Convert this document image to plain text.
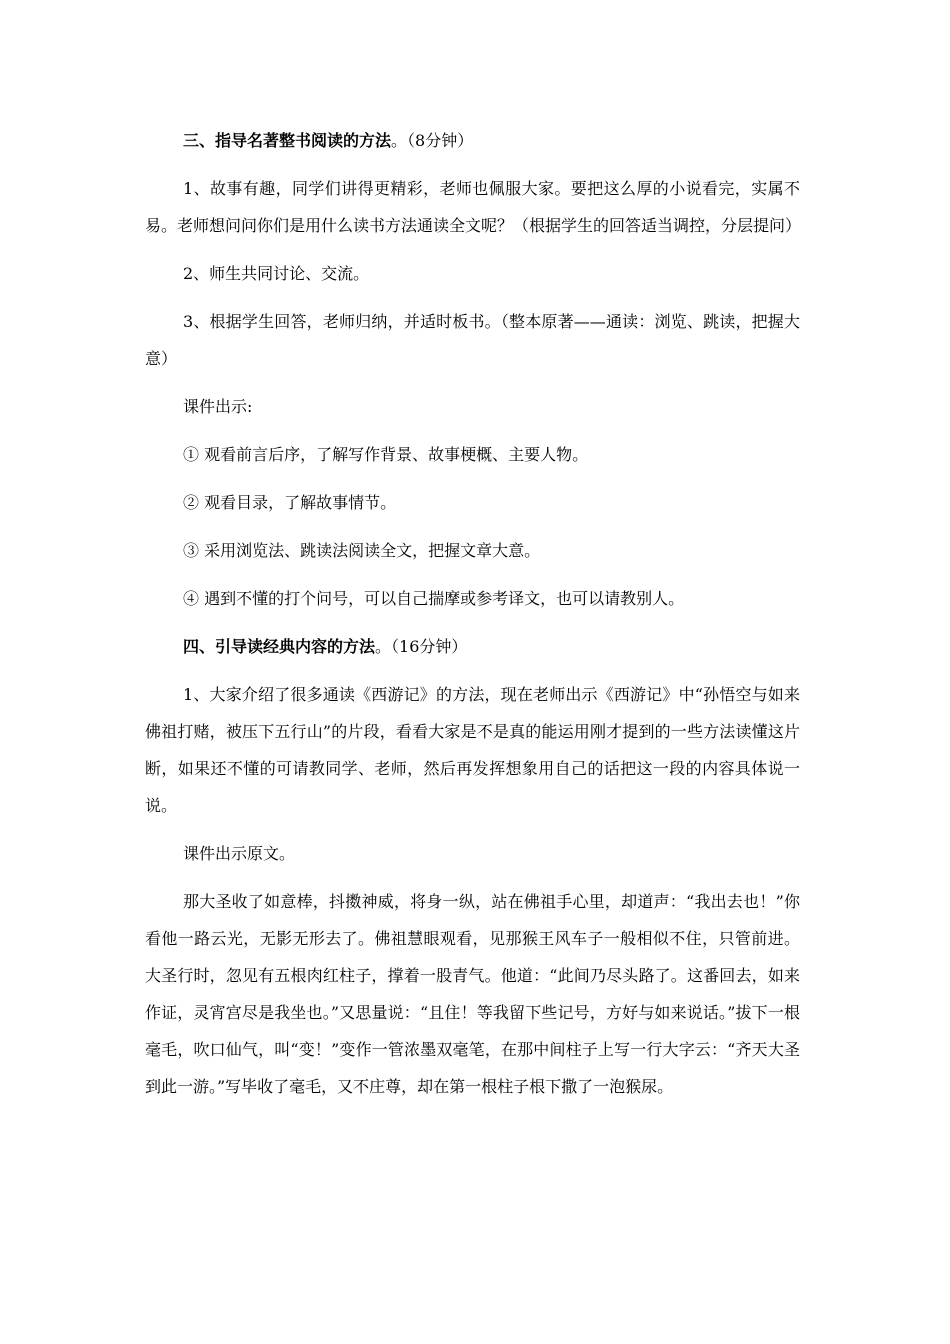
三、指导名著整书阅读的方法。（8分钟）
1、故事有趣，同学们讲得更精彩，老师也佩服大家。要把这么厚的小说看完，实属不易。老师想问问你们是用什么读书方法通读全文呢？（根据学生的回答适当调控，分层提问）
2、师生共同讨论、交流。
3、根据学生回答，老师归纳，并适时板书。（整本原著——通读：浏览、跳读，把握大意）
课件出示:
① 观看前言后序，了解写作背景、故事梗概、主要人物。
② 观看目录，了解故事情节。
③ 采用浏览法、跳读法阅读全文，把握文章大意。
④ 遇到不懂的打个问号，可以自己揣摩或参考译文，也可以请教别人。
四、引导读经典内容的方法。（16分钟）
1、大家介绍了很多通读《西游记》的方法，现在老师出示《西游记》中“孙悟空与如来佛祖打赌，被压下五行山”的片段，看看大家是不是真的能运用刚才提到的一些方法读懂这片断，如果还不懂的可请教同学、老师，然后再发挥想象用自己的话把这一段的内容具体说一说。
课件出示原文。
那大圣收了如意棒，抖擞神威，将身一纵，站在佛祖手心里，却道声：“我出去也！”你看他一路云光，无影无形去了。佛祖慧眼观看，见那猴王风车子一般相似不住，只管前进。大圣行时，忽见有五根肉红柱子，撑着一股青气。他道：“此间乃尽头路了。这番回去，如来作证，灵宵宫尽是我坐也。”又思量说：“且住！等我留下些记号，方好与如来说话。”拔下一根毫毛，吹口仙气，叫“变！”变作一管浓墨双毫笔，在那中间柱子上写一行大字云：“齐天大圣到此一游。”写毕收了毫毛，又不庄尊，却在第一根柱子根下撒了一泡猴尿。
